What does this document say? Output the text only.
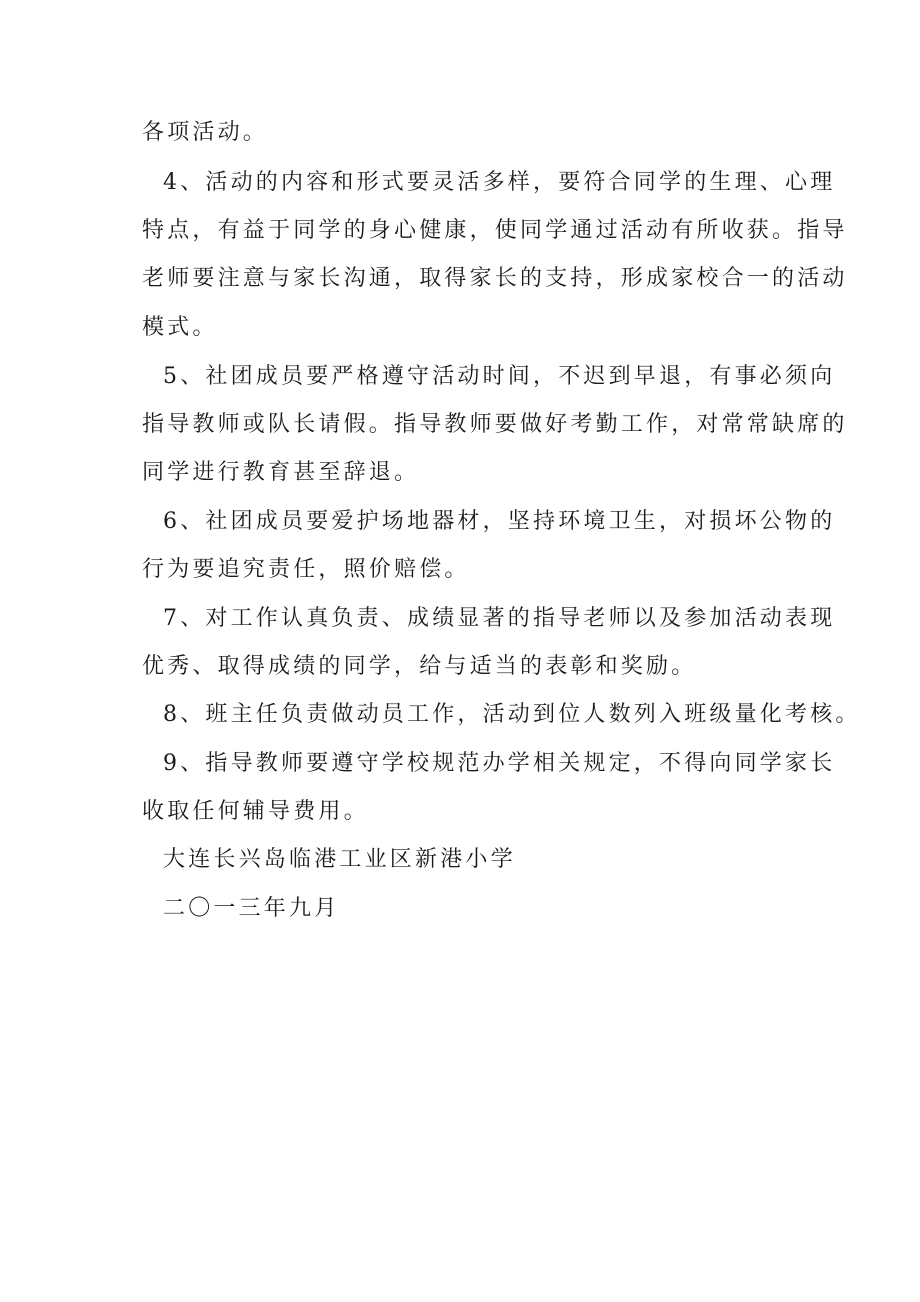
各项活动。
4、活动的内容和形式要灵活多样，要符合同学的生理、心理
特点，有益于同学的身心健康，使同学通过活动有所收获。指导
老师要注意与家长沟通，取得家长的支持，形成家校合一的活动
模式。
5、社团成员要严格遵守活动时间，不迟到早退，有事必须向
指导教师或队长请假。指导教师要做好考勤工作，对常常缺席的
同学进行教育甚至辞退。
6、社团成员要爱护场地器材，坚持环境卫生，对损坏公物的
行为要追究责任，照价赔偿。
7、对工作认真负责、成绩显著的指导老师以及参加活动表现
优秀、取得成绩的同学，给与适当的表彰和奖励。
8、班主任负责做动员工作，活动到位人数列入班级量化考核。
9、指导教师要遵守学校规范办学相关规定，不得向同学家长
收取任何辅导费用。
大连长兴岛临港工业区新港小学
二〇一三年九月
